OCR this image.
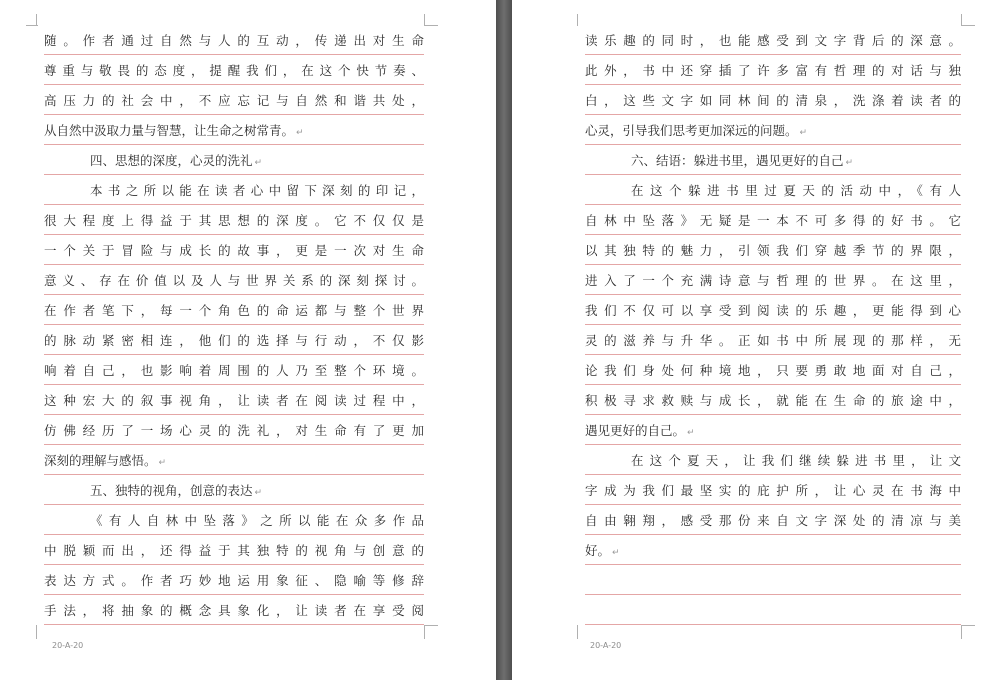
随。作者通过自然与人的互动，传递出对生命
尊重与敬畏的态度，提醒我们，在这个快节奏、
高压力的社会中，不应忘记与自然和谐共处，
从自然中汲取力量与智慧，让生命之树常青。 ↵
四、思想的深度，心灵的洗礼 ↵
本书之所以能在读者心中留下深刻的印记，
很大程度上得益于其思想的深度。它不仅仅是
一个关于冒险与成长的故事，更是一次对生命
意义、存在价值以及人与世界关系的深刻探讨。
在作者笔下，每一个角色的命运都与整个世界
的脉动紧密相连，他们的选择与行动，不仅影
响着自己，也影响着周围的人乃至整个环境。
这种宏大的叙事视角，让读者在阅读过程中，
仿佛经历了一场心灵的洗礼，对生命有了更加
深刻的理解与感悟。 ↵
五、独特的视角，创意的表达 ↵
《有人自林中坠落》之所以能在众多作品
中脱颖而出，还得益于其独特的视角与创意的
表达方式。作者巧妙地运用象征、隐喻等修辞
手法，将抽象的概念具象化，让读者在享受阅
20-A-20
读乐趣的同时，也能感受到文字背后的深意。
此外，书中还穿插了许多富有哲理的对话与独
白，这些文字如同林间的清泉，洗涤着读者的
心灵，引导我们思考更加深远的问题。 ↵
六、结语：躲进书里，遇见更好的自己 ↵
在这个躲进书里过夏天的活动中，《有人
自林中坠落》无疑是一本不可多得的好书。它
以其独特的魅力，引领我们穿越季节的界限，
进入了一个充满诗意与哲理的世界。在这里，
我们不仅可以享受到阅读的乐趣，更能得到心
灵的滋养与升华。正如书中所展现的那样，无
论我们身处何种境地，只要勇敢地面对自己，
积极寻求救赎与成长，就能在生命的旅途中，
遇见更好的自己。 ↵
在这个夏天，让我们继续躲进书里，让文
字成为我们最坚实的庇护所，让心灵在书海中
自由翱翔，感受那份来自文字深处的清凉与美
好。 ↵
20-A-20
